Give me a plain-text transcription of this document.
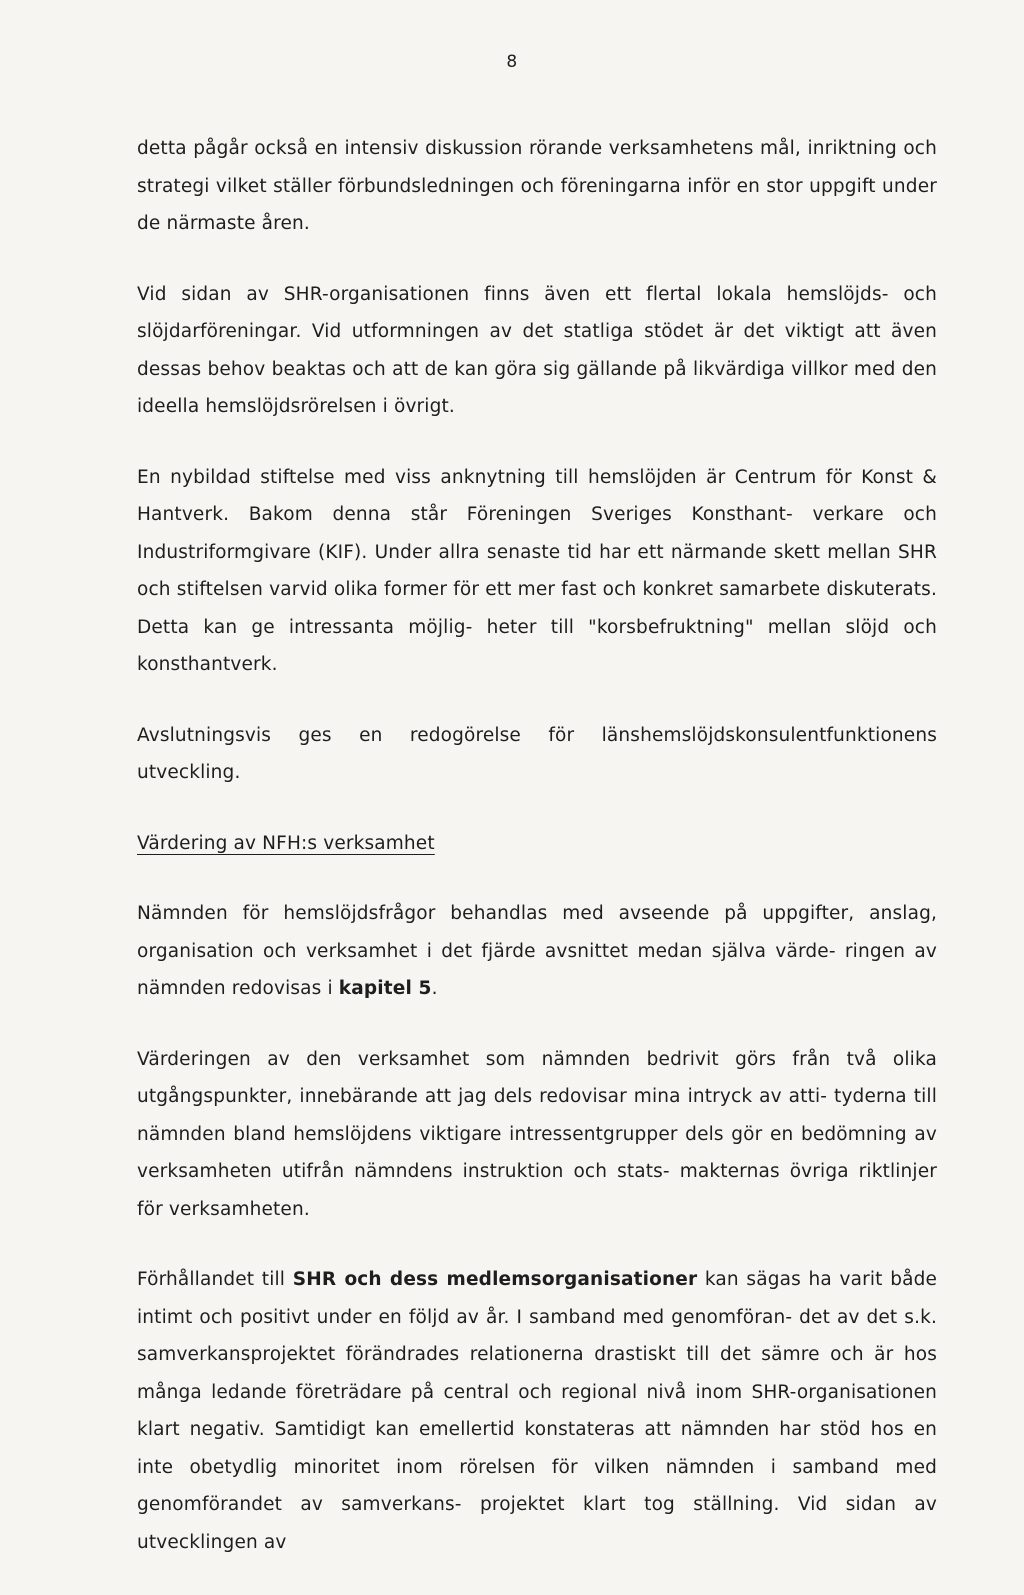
8

detta pågår också en intensiv diskussion rörande verksamhetens mål, inriktning och strategi vilket ställer förbundsledningen och föreningarna inför en stor uppgift under de närmaste åren.

Vid sidan av SHR-organisationen finns även ett flertal lokala hemslöjds- och slöjdarföreningar. Vid utformningen av det statliga stödet är det viktigt att även dessas behov beaktas och att de kan göra sig gällande på likvärdiga villkor med den ideella hemslöjdsrörelsen i övrigt.

En nybildad stiftelse med viss anknytning till hemslöjden är Centrum för Konst & Hantverk. Bakom denna står Föreningen Sveriges Konsthant- verkare och Industriformgivare (KIF). Under allra senaste tid har ett närmande skett mellan SHR och stiftelsen varvid olika former för ett mer fast och konkret samarbete diskuterats. Detta kan ge intressanta möjlig- heter till "korsbefruktning" mellan slöjd och konsthantverk.

Avslutningsvis ges en redogörelse för länshemslöjdskonsulentfunktionens utveckling.

Värdering av NFH:s verksamhet

Nämnden för hemslöjdsfrågor behandlas med avseende på uppgifter, anslag, organisation och verksamhet i det fjärde avsnittet medan själva värde- ringen av nämnden redovisas i kapitel 5.

Värderingen av den verksamhet som nämnden bedrivit görs från två olika utgångspunkter, innebärande att jag dels redovisar mina intryck av atti- tyderna till nämnden bland hemslöjdens viktigare intressentgrupper dels gör en bedömning av verksamheten utifrån nämndens instruktion och stats- makternas övriga riktlinjer för verksamheten.

Förhållandet till SHR och dess medlemsorganisationer kan sägas ha varit både intimt och positivt under en följd av år. I samband med genomföran- det av det s.k. samverkansprojektet förändrades relationerna drastiskt till det sämre och är hos många ledande företrädare på central och regional nivå inom SHR-organisationen klart negativ. Samtidigt kan emellertid konstateras att nämnden har stöd hos en inte obetydlig minoritet inom rörelsen för vilken nämnden i samband med genomförandet av samverkans- projektet klart tog ställning. Vid sidan av utvecklingen av
